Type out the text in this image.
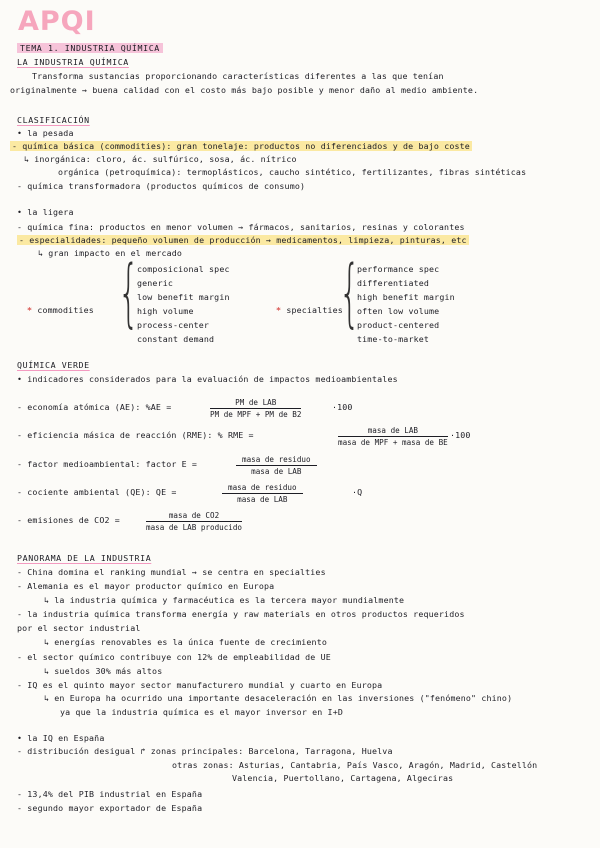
APQI
TEMA 1. INDUSTRIA QUÍMICA
LA INDUSTRIA QUÍMICA
Transforma sustancias proporcionando características diferentes a las que tenían
originalmente → buena calidad con el costo más bajo posible y menor daño al medio ambiente.
CLASIFICACIÓN
• la pesada
- química básica (commodities): gran tonelaje: productos no diferenciados y de bajo coste
↳ inorgánica: cloro, ác. sulfúrico, sosa, ác. nítrico
orgánica (petroquímica): termoplásticos, caucho sintético, fertilizantes, fibras sintéticas
- química transformadora (productos químicos de consumo)
• la ligera
- química fina: productos en menor volumen → fármacos, sanitarios, resinas y colorantes
- especialidades: pequeño volumen de producción → medicamentos, limpieza, pinturas, etc
↳ gran impacto en el mercado
* commodities {
composicional spec
generic
low benefit margin
high volume
process-center
constant demand
* specialties
{
performance spec
differentiated
high benefit margin
often low volume
product-centered
time-to-market
QUÍMICA VERDE
• indicadores considerados para la evaluación de impactos medioambientales
- economía atómica (AE): %AE =	PM de LAB
PM de MPF + PM de B2
·100
- eficiencia másica de reacción (RME): % RME =	masa de LAB
masa de MPF + masa de BE
·100
- factor medioambiental: factor E =	masa de residuo
masa de LAB
- cociente ambiental (QE): QE =	masa de residuo
masa de LAB
·Q
- emisiones de CO2 =	masa de CO2
masa de LAB producido
PANORAMA DE LA INDUSTRIA
- China domina el ranking mundial → se centra en specialties
- Alemania es el mayor productor químico en Europa
↳ la industria química y farmacéutica es la tercera mayor mundialmente
- la industria química transforma energía y raw materials en otros productos requeridos
por el sector industrial
↳ energías renovables es la única fuente de crecimiento
- el sector químico contribuye con 12% de empleabilidad de UE
↳ sueldos 30% más altos
- IQ es el quinto mayor sector manufacturero mundial y cuarto en Europa
↳ en Europa ha ocurrido una importante desaceleración en las inversiones ("fenómeno" chino)
ya que la industria química es el mayor inversor en I+D
• la IQ en España
- distribución desigual ↱ zonas principales: Barcelona, Tarragona, Huelva
otras zonas: Asturias, Cantabria, País Vasco, Aragón, Madrid, Castellón
Valencia, Puertollano, Cartagena, Algeciras
- 13,4% del PIB industrial en España
- segundo mayor exportador de España
